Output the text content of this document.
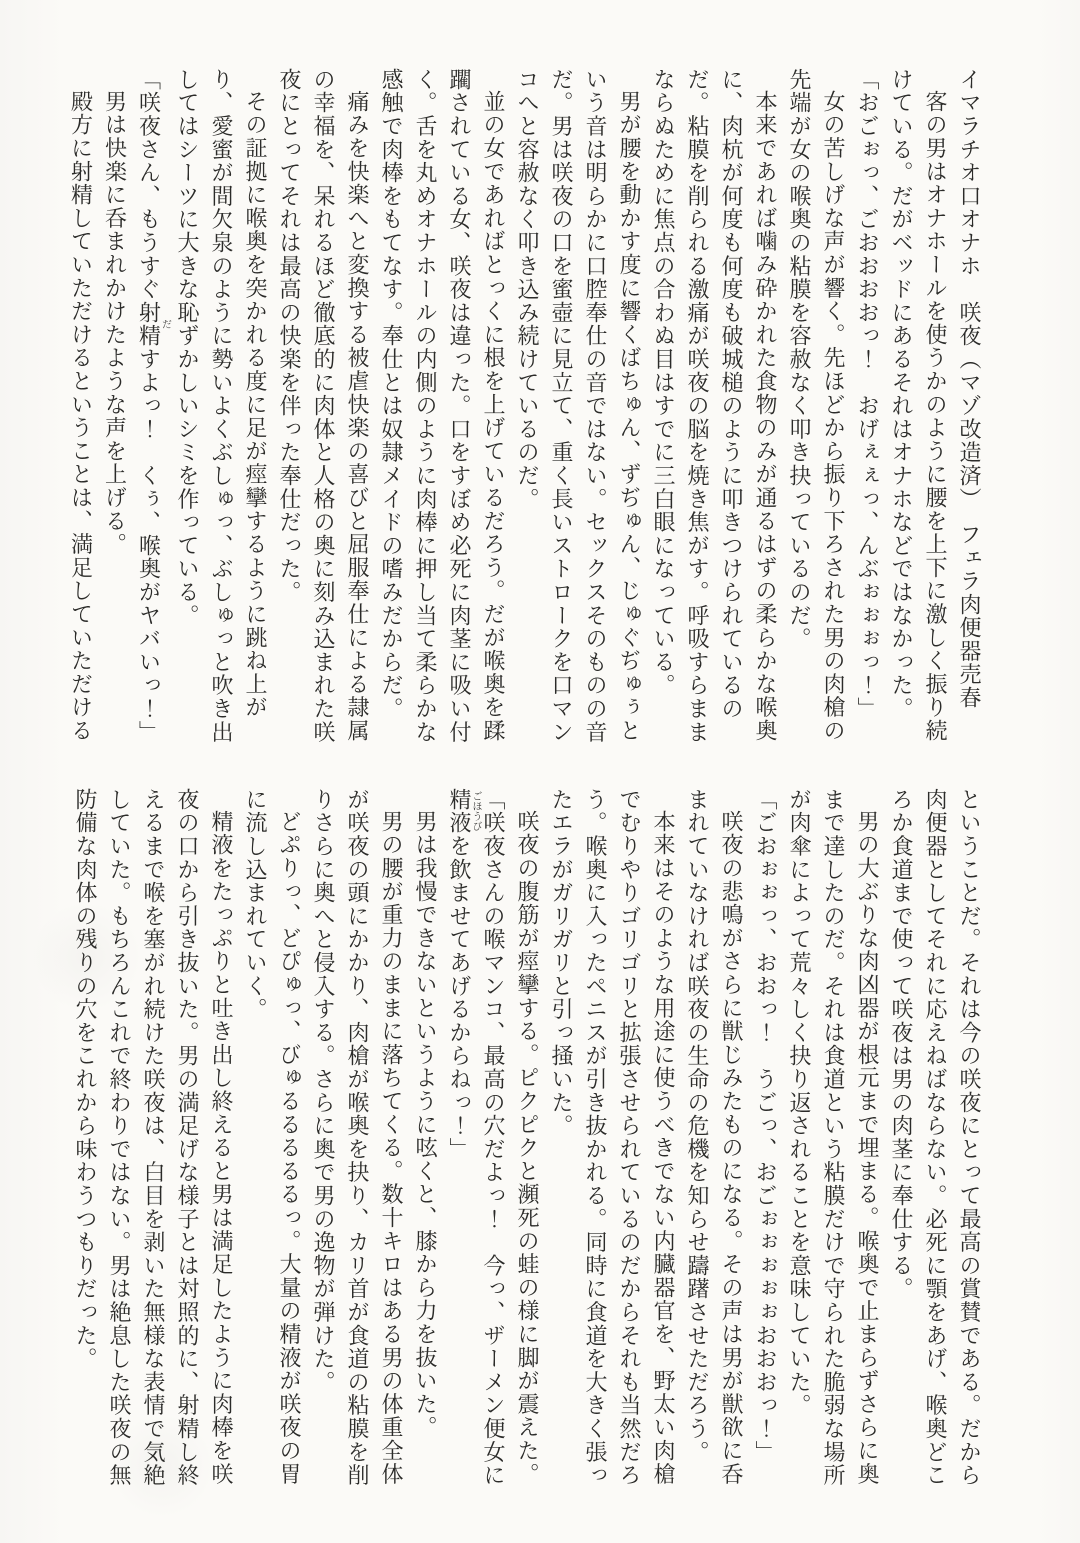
イマラチオ口オナホ　咲夜（マゾ改造済）　フェラ肉便器売春

客の男はオナホールを使うかのように腰を上下に激しく振り続けている。だがベッドにあるそれはオナホなどではなかった。

「おごぉっ、ごおおおおっ！　おげぇぇっ、んぶぉぉぉっ！」

女の苦しげな声が響く。先ほどから振り下ろされた男の肉槍の先端が女の喉奥の粘膜を容赦なく叩き抉っているのだ。

本来であれば噛み砕かれた食物のみが通るはずの柔らかな喉奥に、肉杭が何度も何度も破城槌のように叩きつけられているのだ。粘膜を削られる激痛が咲夜の脳を焼き焦がす。呼吸すらままならぬために焦点の合わぬ目はすでに三白眼になっている。

男が腰を動かす度に響くばちゅん、ずぢゅん、じゅぐぢゅぅという音は明らかに口腔奉仕の音ではない。セックスそのものの音だ。男は咲夜の口を蜜壺に見立て、重く長いストロークを口マンコへと容赦なく叩き込み続けているのだ。

並の女であればとっくに根を上げているだろう。だが喉奥を蹂躙されている女、咲夜は違った。口をすぼめ必死に肉茎に吸い付く。舌を丸めオナホールの内側のように肉棒に押し当て柔らかな感触で肉棒をもてなす。奉仕とは奴隷メイドの嗜みだからだ。

痛みを快楽へと変換する被虐快楽の喜びと屈服奉仕による隷属の幸福を、呆れるほど徹底的に肉体と人格の奥に刻み込まれた咲夜にとってそれは最高の快楽を伴った奉仕だった。

その証拠に喉奥を突かれる度に足が痙攣するように跳ね上がり、愛蜜が間欠泉のように勢いよくぶしゅっ、ぶしゅっと吹き出してはシーツに大きな恥ずかしいシミを作っている。

「咲夜さん、もうすぐ射精だすよっ！　くぅ、喉奥がヤバいっ！」

男は快楽に呑まれかけたような声を上げる。

殿方に射精していただけるということは、満足していただける

ということだ。それは今の咲夜にとって最高の賞賛である。だから肉便器としてそれに応えねばならない。必死に顎をあげ、喉奥どころか食道まで使って咲夜は男の肉茎に奉仕する。

男の大ぶりな肉凶器が根元まで埋まる。喉奥で止まらずさらに奥まで達したのだ。それは食道という粘膜だけで守られた脆弱な場所が肉傘によって荒々しく抉り返されることを意味していた。

「ごおぉぉっ、おおっ！　うごっ、おごぉぉぉぉぉおおおっ！」

咲夜の悲鳴がさらに獣じみたものになる。その声は男が獣欲に呑まれていなければ咲夜の生命の危機を知らせ躊躇させただろう。

本来はそのような用途に使うべきでない内臓器官を、野太い肉槍でむりやりゴリゴリと拡張させられているのだからそれも当然だろう。喉奥に入ったペニスが引き抜かれる。同時に食道を大きく張ったエラがガリガリと引っ掻いた。

咲夜の腹筋が痙攣する。ピクピクと瀕死の蛙の様に脚が震えた。

「咲夜さんの喉マンコ、最高の穴だよっ！　今っ、ザーメン便女に精液ごほうびを飲ませてあげるからねっ！」

男は我慢できないというように呟くと、膝から力を抜いた。

男の腰が重力のままに落ちてくる。数十キロはある男の体重全体が咲夜の頭にかかり、肉槍が喉奥を抉り、カリ首が食道の粘膜を削りさらに奥へと侵入する。さらに奥で男の逸物が弾けた。

どぷりっ、どぴゅっ、びゅるるるるるっ。大量の精液が咲夜の胃に流し込まれていく。

精液をたっぷりと吐き出し終えると男は満足したように肉棒を咲夜の口から引き抜いた。男の満足げな様子とは対照的に、射精し終えるまで喉を塞がれ続けた咲夜は、白目を剥いた無様な表情で気絶していた。もちろんこれで終わりではない。男は絶息した咲夜の無防備な肉体の残りの穴をこれから味わうつもりだった。
